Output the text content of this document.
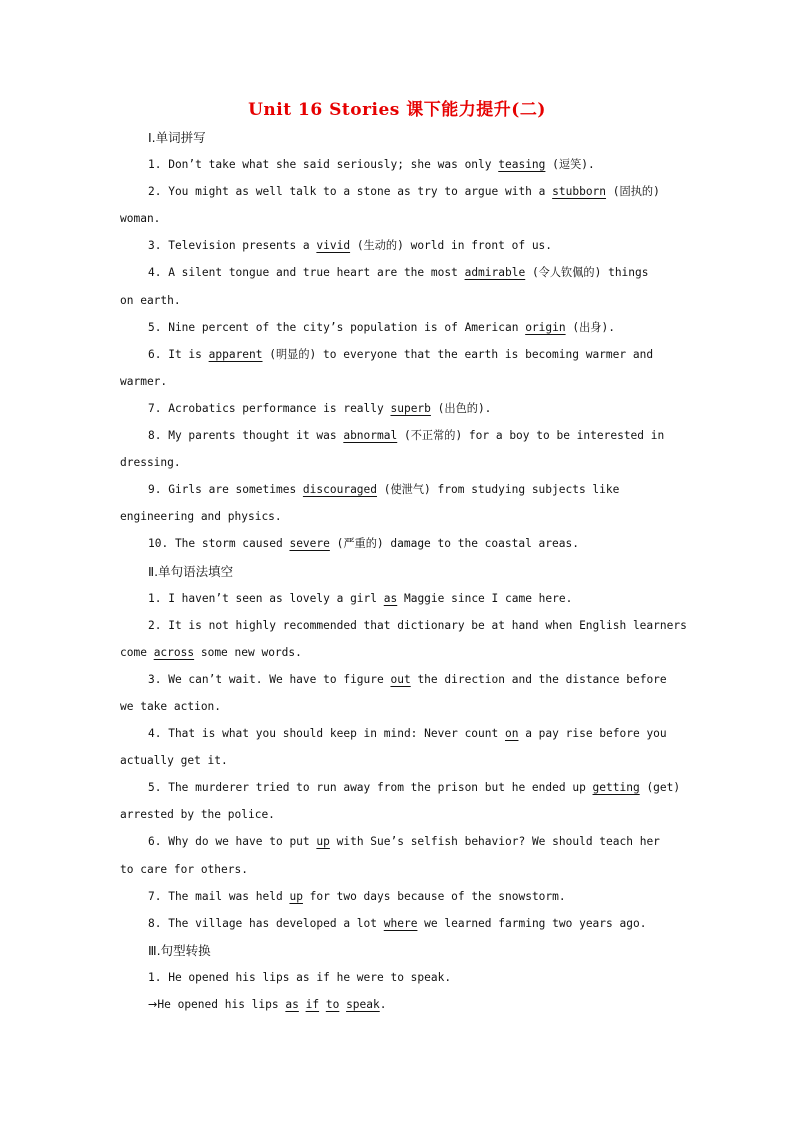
Unit 16 Stories 课下能力提升(二)
Ⅰ.单词拼写
1. Don’t take what she said seriously; she was only teasing (逗笑).
2. You might as well talk to a stone as try to argue with a stubborn (固执的)
woman.
3. Television presents a vivid (生动的) world in front of us.
4. A silent tongue and true heart are the most admirable (令人钦佩的) things
on earth.
5. Nine percent of the city’s population is of American origin (出身).
6. It is apparent (明显的) to everyone that the earth is becoming warmer and
warmer.
7. Acrobatics performance is really superb (出色的).
8. My parents thought it was abnormal (不正常的) for a boy to be interested in
dressing.
9. Girls are sometimes discouraged (使泄气) from studying subjects like
engineering and physics.
10. The storm caused severe (严重的) damage to the coastal areas.
Ⅱ.单句语法填空
1. I haven’t seen as lovely a girl as Maggie since I came here.
2. It is not highly recommended that dictionary be at hand when English learners
come across some new words.
3. We can’t wait. We have to figure out the direction and the distance before
we take action.
4. That is what you should keep in mind: Never count on a pay rise before you
actually get it.
5. The murderer tried to run away from the prison but he ended up getting (get)
arrested by the police.
6. Why do we have to put up with Sue’s selfish behavior? We should teach her
to care for others.
7. The mail was held up for two days because of the snowstorm.
8. The village has developed a lot where we learned farming two years ago.
Ⅲ.句型转换
1. He opened his lips as if he were to speak.
→He opened his lips as if to speak.
